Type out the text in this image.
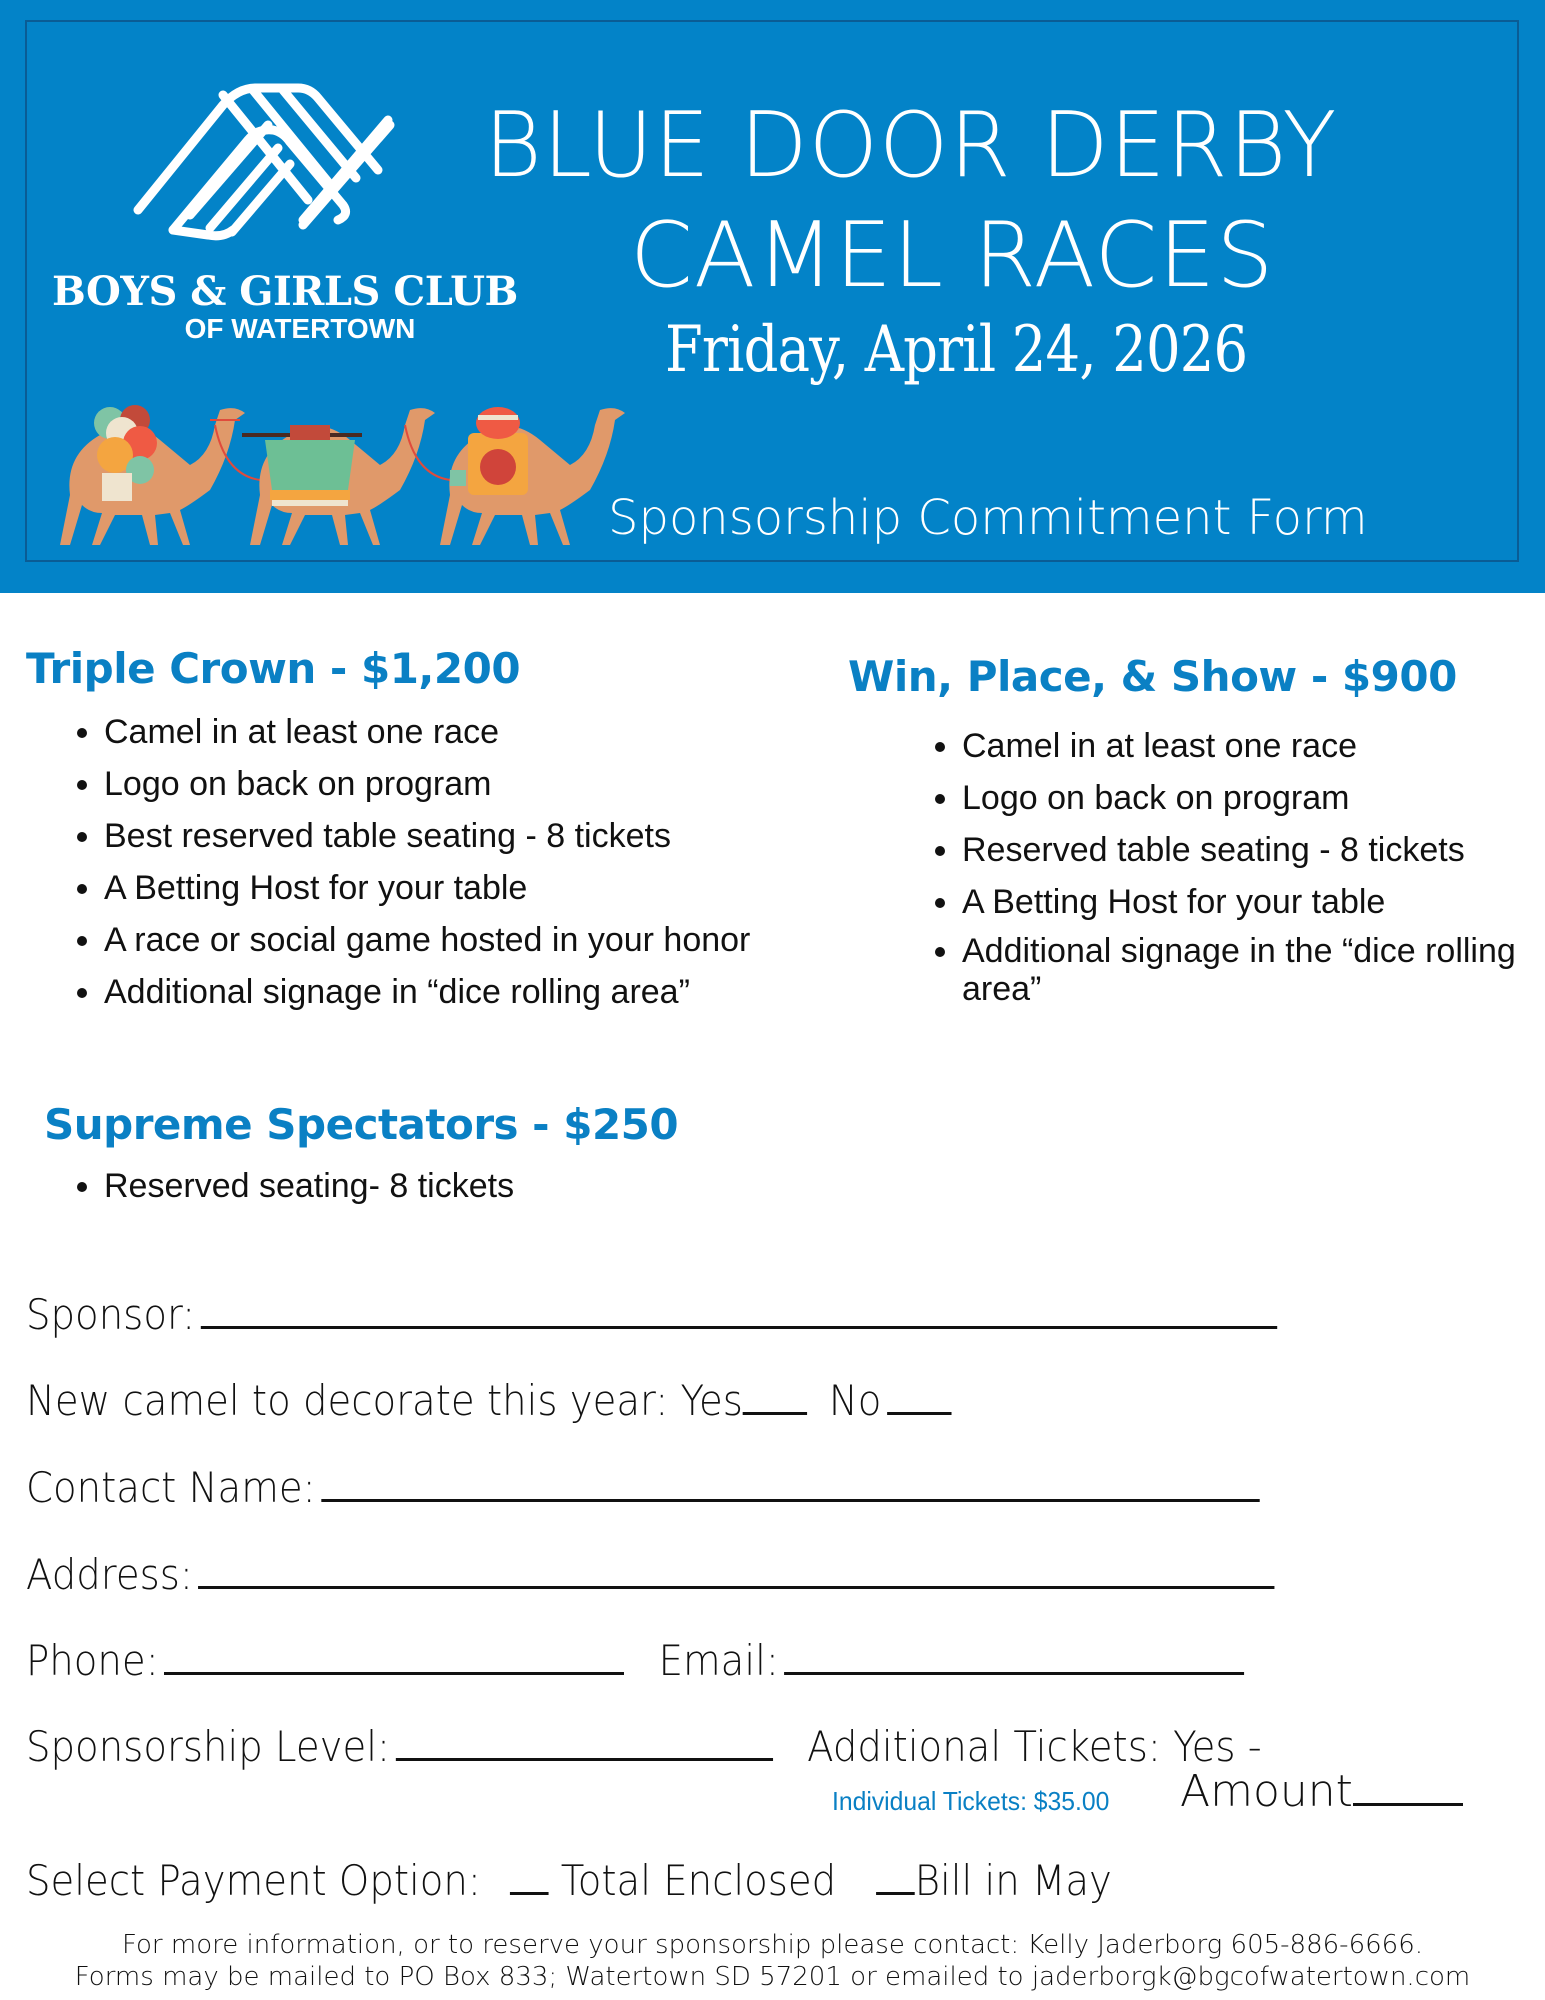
BOYS & GIRLS CLUB
OF WATERTOWN
BLUE DOOR DERBY
CAMEL RACES
Friday, April 24, 2026
Sponsorship Commitment Form
Triple Crown - $1,200
• Camel in at least one race
• Logo on back on program
• Best reserved table seating - 8 tickets
• A Betting Host for your table
• A race or social game hosted in your honor
• Additional signage in “dice rolling area”
Win, Place, & Show - $900
• Camel in at least one race
• Logo on back on program
• Reserved table seating - 8 tickets
• A Betting Host for your table
• Additional signage in the “dice rolling area”
Supreme Spectators - $250
• Reserved seating- 8 tickets
Sponsor:
New camel to decorate this year: Yes No
Contact Name:
Address:
Phone:	Email:
Sponsorship Level:	Additional Tickets: Yes -
Individual Tickets: $35.00 Amount
Select Payment Option: Total Enclosed Bill in May
For more information, or to reserve your sponsorship please contact: Kelly Jaderborg 605-886-6666.
Forms may be mailed to PO Box 833; Watertown SD 57201 or emailed to jaderborgk@bgcofwatertown.com
